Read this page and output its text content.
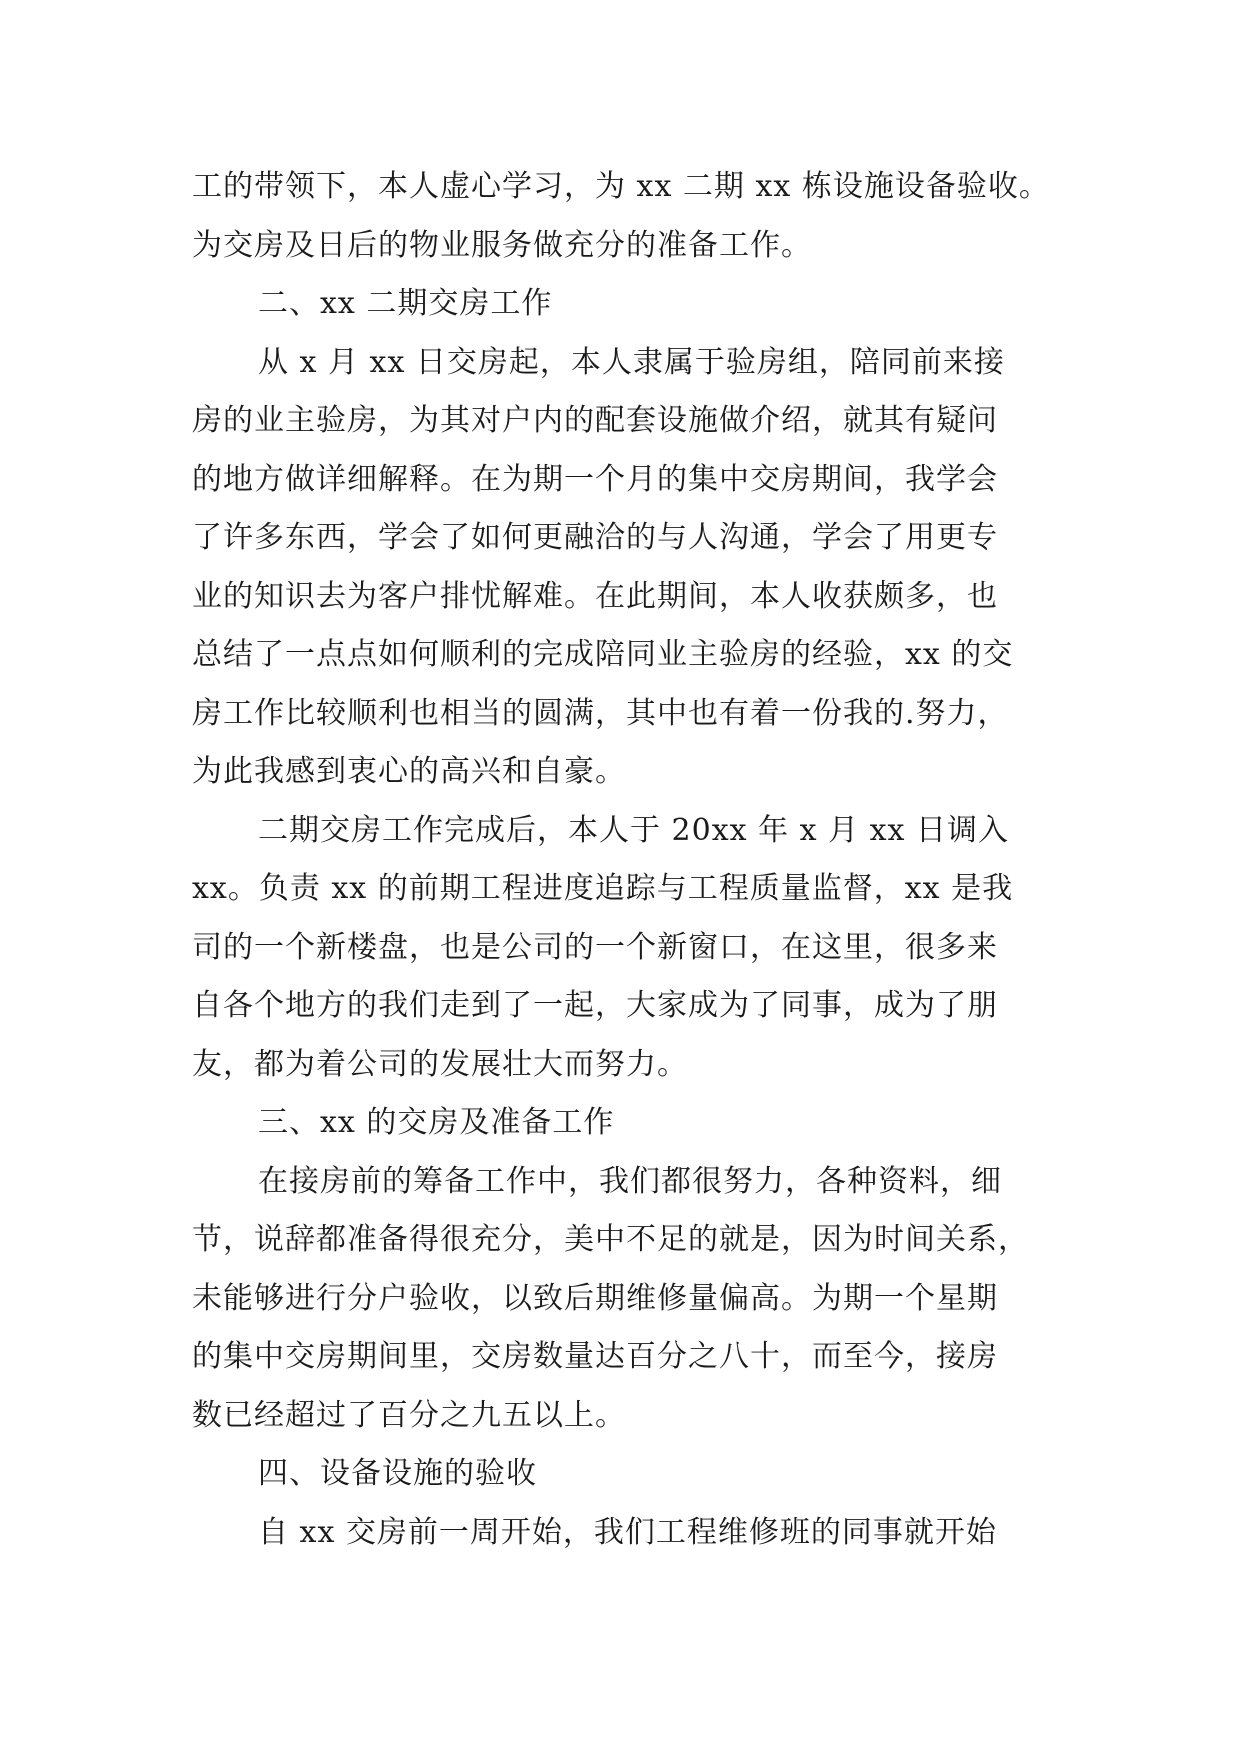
工的带领下，本人虚心学习，为 xx 二期 xx 栋设施设备验收。
为交房及日后的物业服务做充分的准备工作。
二、xx 二期交房工作
从 x 月 xx 日交房起，本人隶属于验房组，陪同前来接
房的业主验房，为其对户内的配套设施做介绍，就其有疑问
的地方做详细解释。在为期一个月的集中交房期间，我学会
了许多东西，学会了如何更融洽的与人沟通，学会了用更专
业的知识去为客户排忧解难。在此期间，本人收获颇多，也
总结了一点点如何顺利的完成陪同业主验房的经验，xx 的交
房工作比较顺利也相当的圆满，其中也有着一份我的.努力，
为此我感到衷心的高兴和自豪。
二期交房工作完成后，本人于 20xx 年 x 月 xx 日调入
xx。负责 xx 的前期工程进度追踪与工程质量监督，xx 是我
司的一个新楼盘，也是公司的一个新窗口，在这里，很多来
自各个地方的我们走到了一起，大家成为了同事，成为了朋
友，都为着公司的发展壮大而努力。
三、xx 的交房及准备工作
在接房前的筹备工作中，我们都很努力，各种资料，细
节，说辞都准备得很充分，美中不足的就是，因为时间关系，
未能够进行分户验收，以致后期维修量偏高。为期一个星期
的集中交房期间里，交房数量达百分之八十，而至今，接房
数已经超过了百分之九五以上。
四、设备设施的验收
自 xx 交房前一周开始，我们工程维修班的同事就开始
